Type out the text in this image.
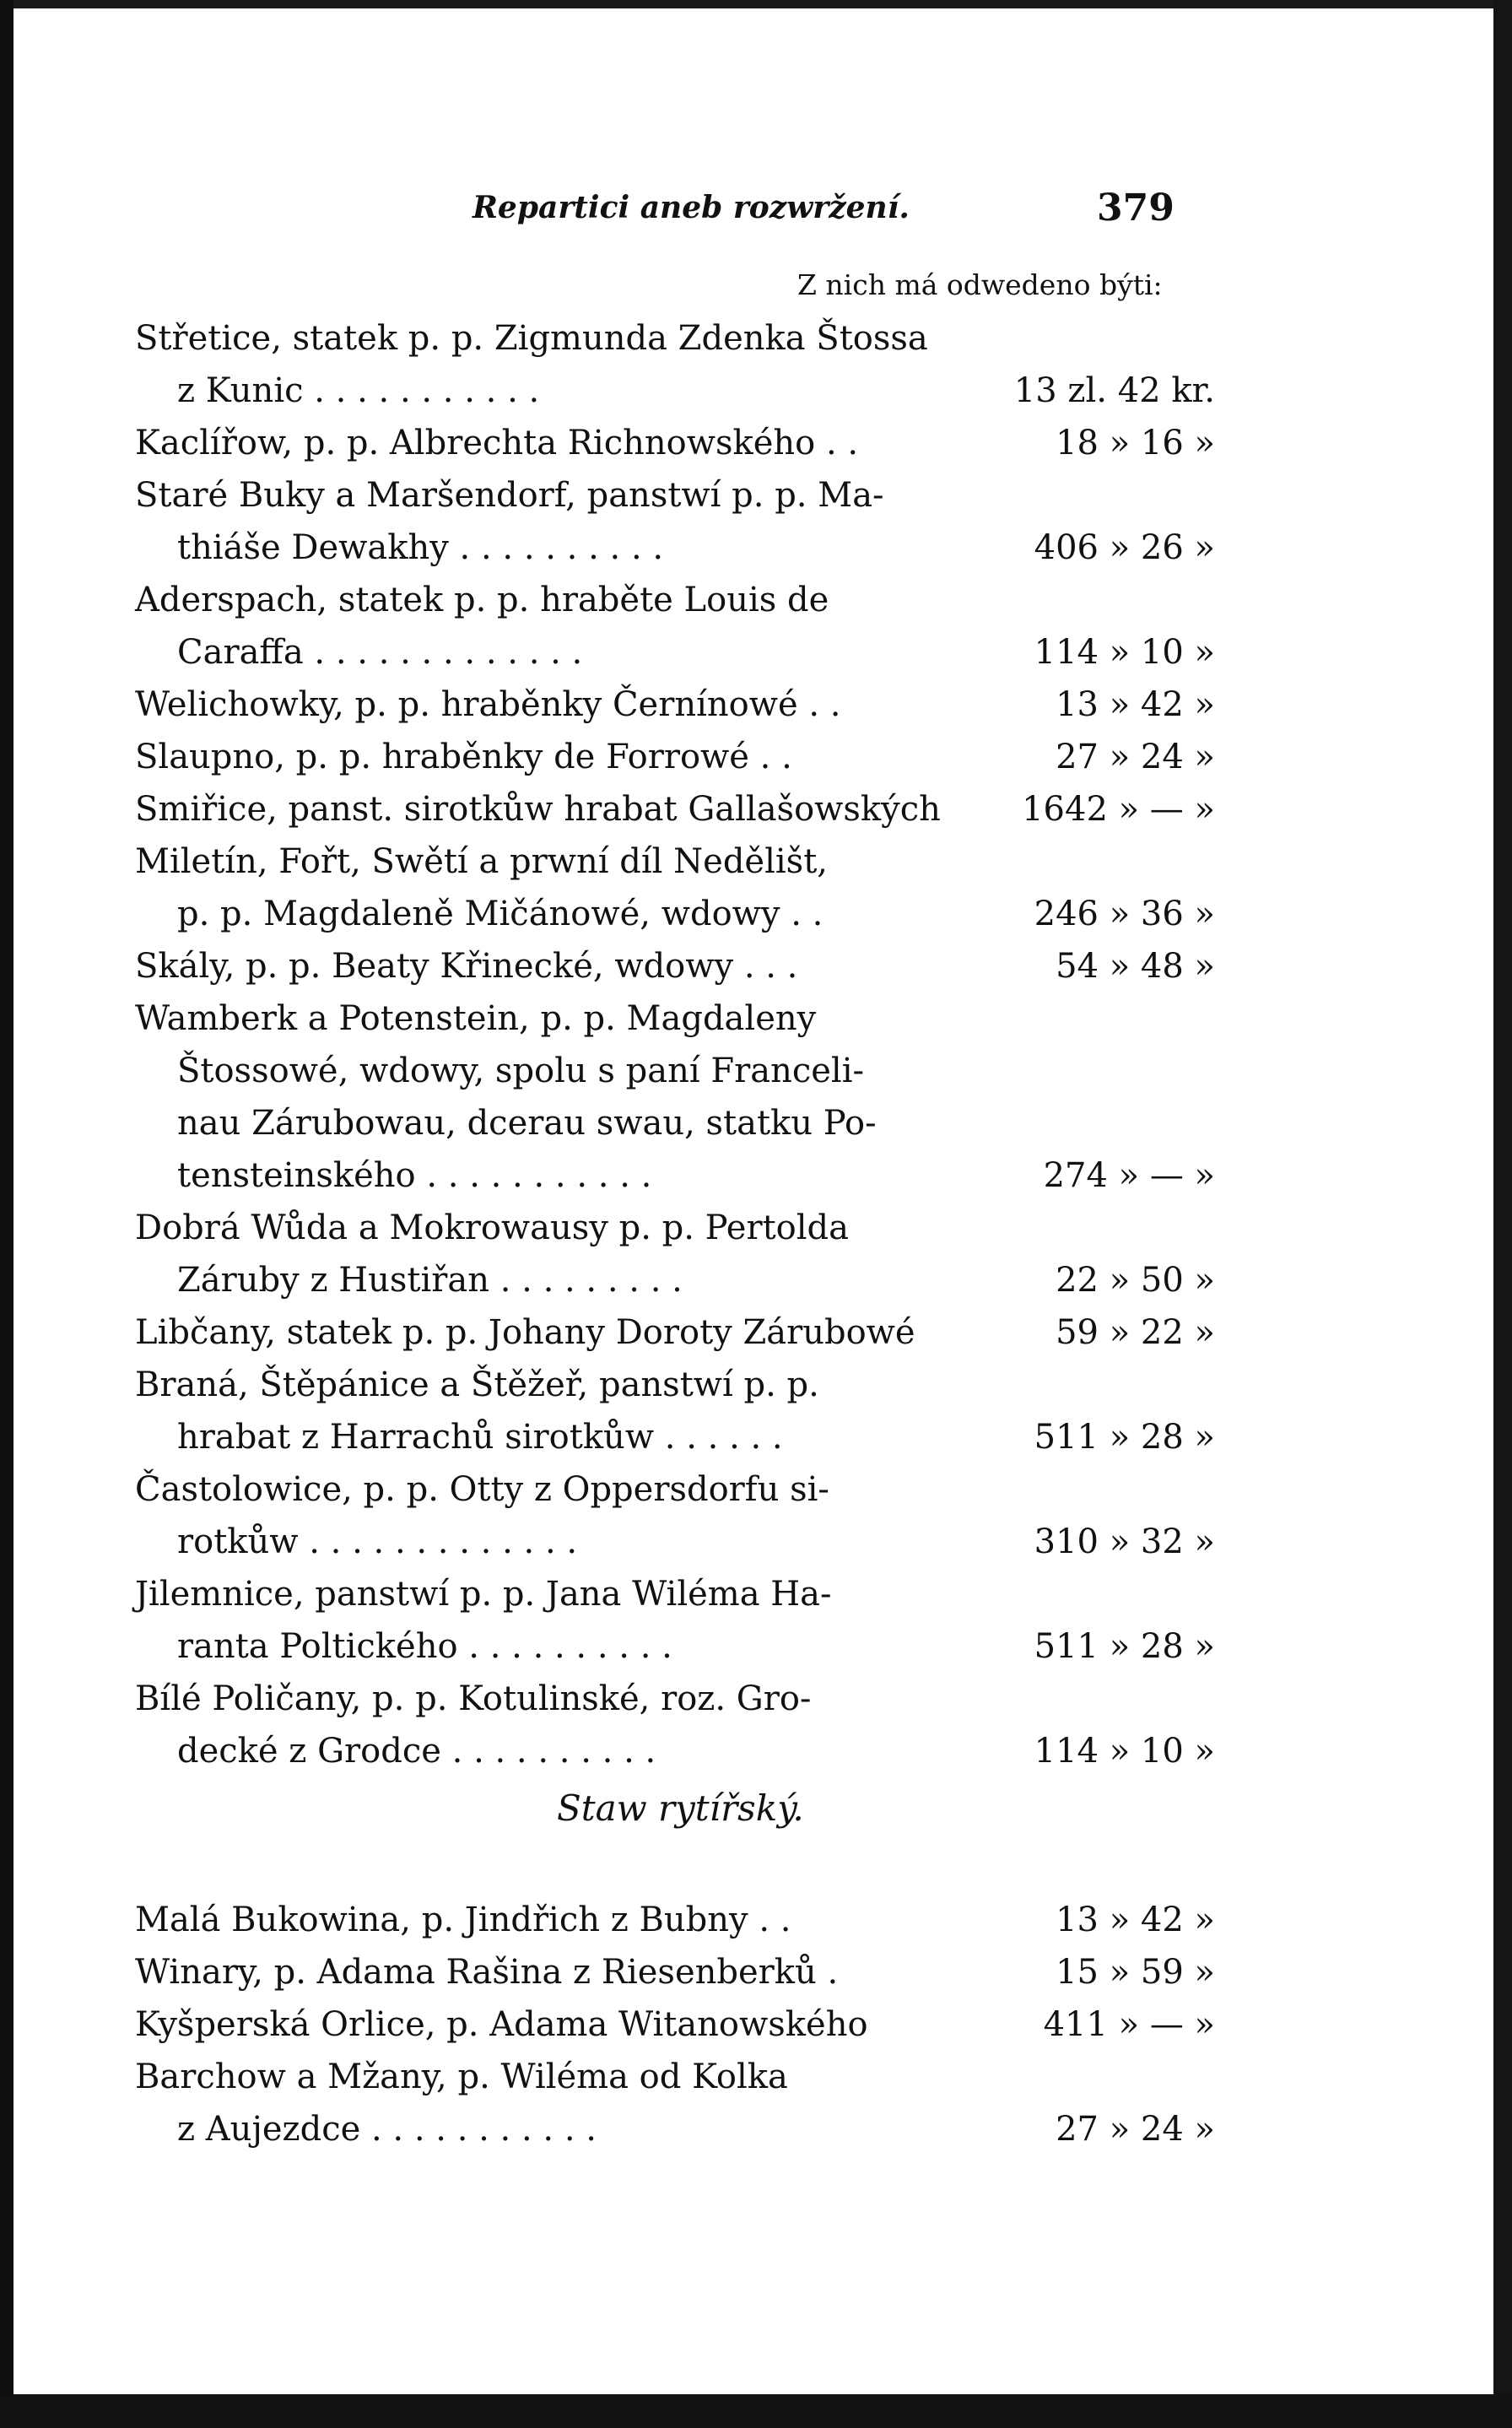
Repartici aneb rozwržení.	379
Z nich má odwedeno býti:
Střetice, statek p. p. Zigmunda Zdenka Štossa
z Kunic . . . . . . . . . . .	13 zl. 42 kr.
Kaclířow, p. p. Albrechta Richnowského . .	18 » 16 »
Staré Buky a Maršendorf, panstwí p. p. Ma-
thiáše Dewakhy . . . . . . . . . .	406 » 26 »
Aderspach, statek p. p. hraběte Louis de
Caraffa . . . . . . . . . . . . .	114 » 10 »
Welichowky, p. p. hraběnky Černínowé . .	13 » 42 »
Slaupno, p. p. hraběnky de Forrowé . .	27 » 24 »
Smiřice, panst. sirotkůw hrabat Gallašowských	1642 » — »
Miletín, Fořt, Swětí a prwní díl Nedělišt,
p. p. Magdaleně Mičánowé, wdowy . .	246 » 36 »
Skály, p. p. Beaty Křinecké, wdowy . . .	54 » 48 »
Wamberk a Potenstein, p. p. Magdaleny
Štossowé, wdowy, spolu s paní Franceli-
nau Zárubowau, dcerau swau, statku Po-
tensteinského . . . . . . . . . . .	274 » — »
Dobrá Wůda a Mokrowausy p. p. Pertolda
Záruby z Hustiřan . . . . . . . . .	22 » 50 »
Libčany, statek p. p. Johany Doroty Zárubowé	59 » 22 »
Braná, Štěpánice a Štěžeř, panstwí p. p.
hrabat z Harrachů sirotkůw . . . . . .	511 » 28 »
Častolowice, p. p. Otty z Oppersdorfu si-
rotkůw . . . . . . . . . . . . .	310 » 32 »
Jilemnice, panstwí p. p. Jana Wiléma Ha-
ranta Poltického . . . . . . . . . .	511 » 28 »
Bílé Poličany, p. p. Kotulinské, roz. Gro-
decké z Grodce . . . . . . . . . .	114 » 10 »
Staw rytířský.
Malá Bukowina, p. Jindřich z Bubny . .	13 » 42 »
Winary, p. Adama Rašina z Riesenberků .	15 » 59 »
Kyšperská Orlice, p. Adama Witanowského	411 » — »
Barchow a Mžany, p. Wiléma od Kolka
z Aujezdce . . . . . . . . . . .	27 » 24 »
